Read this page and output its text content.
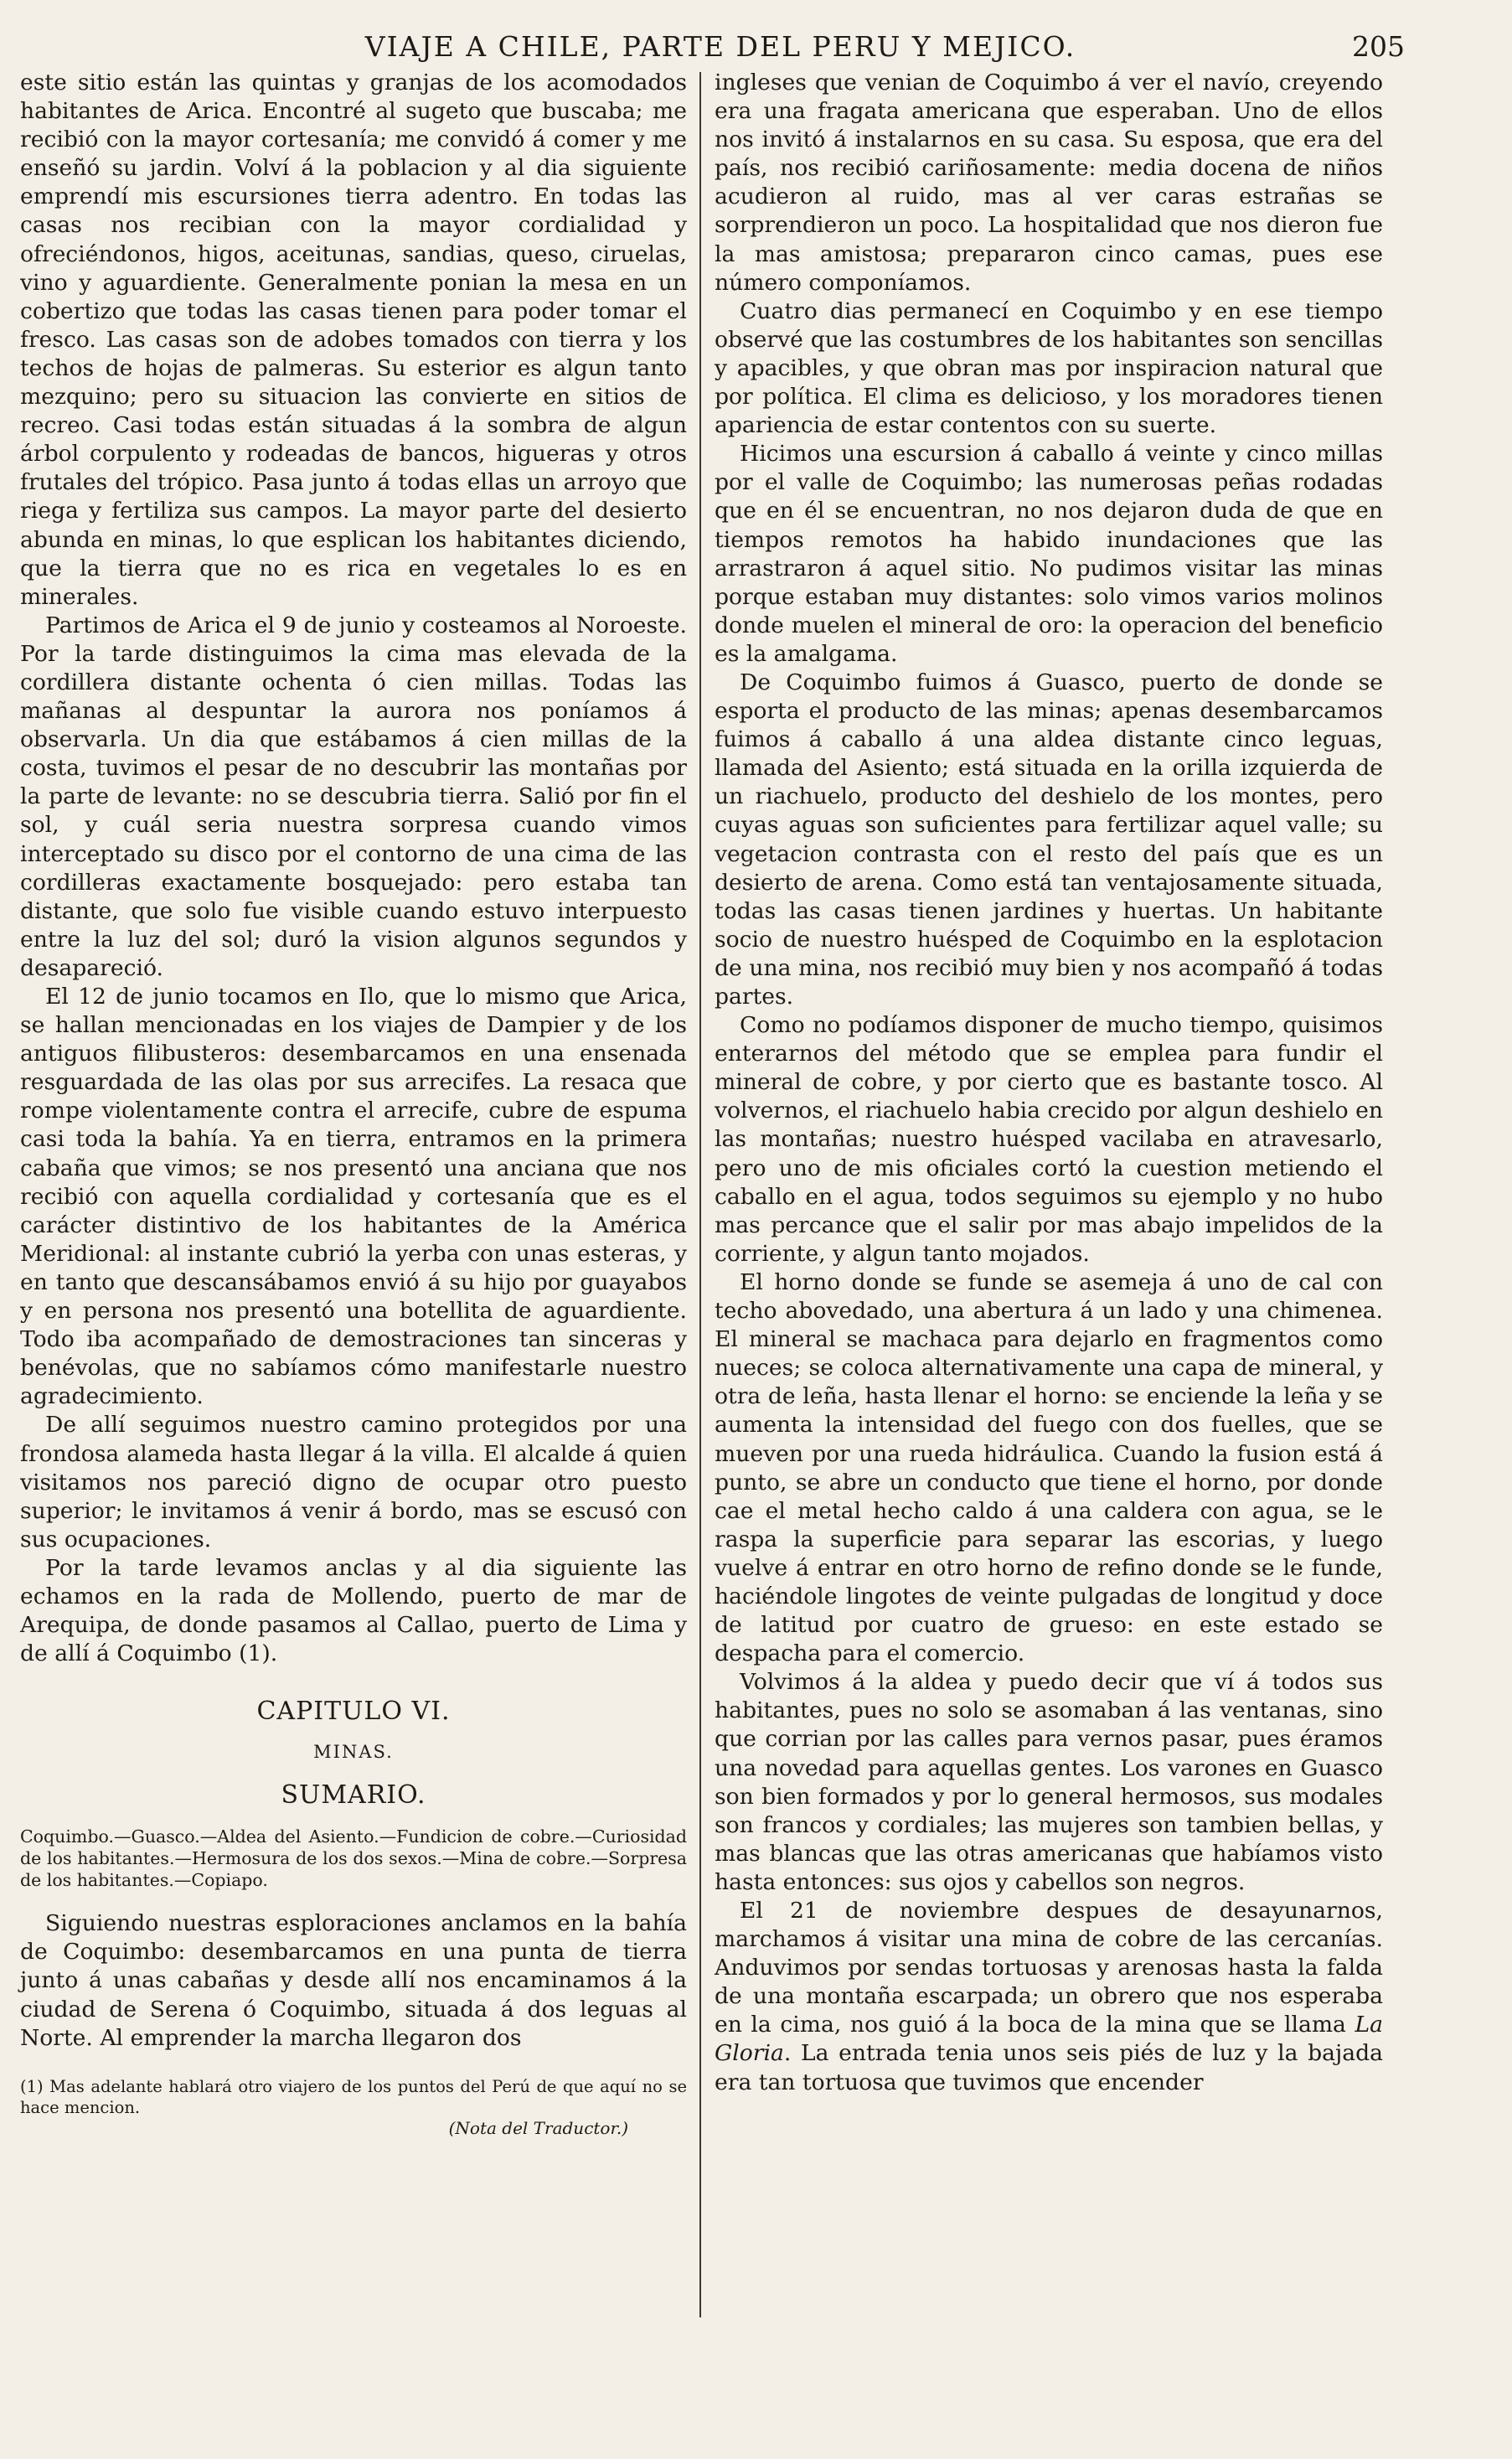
VIAJE A CHILE, PARTE DEL PERU Y MEJICO.	205

este sitio están las quintas y granjas de los acomodados habitantes de Arica. Encontré al sugeto que buscaba; me recibió con la mayor cortesanía; me convidó á comer y me enseñó su jardin. Volví á la poblacion y al dia siguiente emprendí mis escursiones tierra adentro. En todas las casas nos recibian con la mayor cordialidad y ofreciéndonos, higos, aceitunas, sandias, queso, ciruelas, vino y aguardiente. Generalmente ponian la mesa en un cobertizo que todas las casas tienen para poder tomar el fresco. Las casas son de adobes tomados con tierra y los techos de hojas de palmeras. Su esterior es algun tanto mezquino; pero su situacion las convierte en sitios de recreo. Casi todas están situadas á la sombra de algun árbol corpulento y rodeadas de bancos, higueras y otros frutales del trópico. Pasa junto á todas ellas un arroyo que riega y fertiliza sus campos. La mayor parte del desierto abunda en minas, lo que esplican los habitantes diciendo, que la tierra que no es rica en vegetales lo es en minerales.

Partimos de Arica el 9 de junio y costeamos al Noroeste. Por la tarde distinguimos la cima mas elevada de la cordillera distante ochenta ó cien millas. Todas las mañanas al despuntar la aurora nos poníamos á observarla. Un dia que estábamos á cien millas de la costa, tuvimos el pesar de no descubrir las montañas por la parte de levante: no se descubria tierra. Salió por fin el sol, y cuál seria nuestra sorpresa cuando vimos interceptado su disco por el contorno de una cima de las cordilleras exactamente bosquejado: pero estaba tan distante, que solo fue visible cuando estuvo interpuesto entre la luz del sol; duró la vision algunos segundos y desapareció.

El 12 de junio tocamos en Ilo, que lo mismo que Arica, se hallan mencionadas en los viajes de Dampier y de los antiguos filibusteros: desembarcamos en una ensenada resguardada de las olas por sus arrecifes. La resaca que rompe violentamente contra el arrecife, cubre de espuma casi toda la bahía. Ya en tierra, entramos en la primera cabaña que vimos; se nos presentó una anciana que nos recibió con aquella cordialidad y cortesanía que es el carácter distintivo de los habitantes de la América Meridional: al instante cubrió la yerba con unas esteras, y en tanto que descansábamos envió á su hijo por guayabos y en persona nos presentó una botellita de aguardiente. Todo iba acompañado de demostraciones tan sinceras y benévolas, que no sabíamos cómo manifestarle nuestro agradecimiento.

De allí seguimos nuestro camino protegidos por una frondosa alameda hasta llegar á la villa. El alcalde á quien visitamos nos pareció digno de ocupar otro puesto superior; le invitamos á venir á bordo, mas se escusó con sus ocupaciones.

Por la tarde levamos anclas y al dia siguiente las echamos en la rada de Mollendo, puerto de mar de Arequipa, de donde pasamos al Callao, puerto de Lima y de allí á Coquimbo (1).

CAPITULO VI.
MINAS.
SUMARIO.
Coquimbo.—Guasco.—Aldea del Asiento.—Fundicion de cobre.—Curiosidad de los habitantes.—Hermosura de los dos sexos.—Mina de cobre.—Sorpresa de los habitantes.—Copiapo.

Siguiendo nuestras esploraciones anclamos en la bahía de Coquimbo: desembarcamos en una punta de tierra junto á unas cabañas y desde allí nos encaminamos á la ciudad de Serena ó Coquimbo, situada á dos leguas al Norte. Al emprender la marcha llegaron dos

(1) Mas adelante hablará otro viajero de los puntos del Perú de que aquí no se hace mencion.
(Nota del Traductor.)

ingleses que venian de Coquimbo á ver el navío, creyendo era una fragata americana que esperaban. Uno de ellos nos invitó á instalarnos en su casa. Su esposa, que era del país, nos recibió cariñosamente: media docena de niños acudieron al ruido, mas al ver caras estrañas se sorprendieron un poco. La hospitalidad que nos dieron fue la mas amistosa; prepararon cinco camas, pues ese número componíamos.

Cuatro dias permanecí en Coquimbo y en ese tiempo observé que las costumbres de los habitantes son sencillas y apacibles, y que obran mas por inspiracion natural que por política. El clima es delicioso, y los moradores tienen apariencia de estar contentos con su suerte.

Hicimos una escursion á caballo á veinte y cinco millas por el valle de Coquimbo; las numerosas peñas rodadas que en él se encuentran, no nos dejaron duda de que en tiempos remotos ha habido inundaciones que las arrastraron á aquel sitio. No pudimos visitar las minas porque estaban muy distantes: solo vimos varios molinos donde muelen el mineral de oro: la operacion del beneficio es la amalgama.

De Coquimbo fuimos á Guasco, puerto de donde se esporta el producto de las minas; apenas desembarcamos fuimos á caballo á una aldea distante cinco leguas, llamada del Asiento; está situada en la orilla izquierda de un riachuelo, producto del deshielo de los montes, pero cuyas aguas son suficientes para fertilizar aquel valle; su vegetacion contrasta con el resto del país que es un desierto de arena. Como está tan ventajosamente situada, todas las casas tienen jardines y huertas. Un habitante socio de nuestro huésped de Coquimbo en la esplotacion de una mina, nos recibió muy bien y nos acompañó á todas partes.

Como no podíamos disponer de mucho tiempo, quisimos enterarnos del método que se emplea para fundir el mineral de cobre, y por cierto que es bastante tosco. Al volvernos, el riachuelo habia crecido por algun deshielo en las montañas; nuestro huésped vacilaba en atravesarlo, pero uno de mis oficiales cortó la cuestion metiendo el caballo en el agua, todos seguimos su ejemplo y no hubo mas percance que el salir por mas abajo impelidos de la corriente, y algun tanto mojados.

El horno donde se funde se asemeja á uno de cal con techo abovedado, una abertura á un lado y una chimenea. El mineral se machaca para dejarlo en fragmentos como nueces; se coloca alternativamente una capa de mineral, y otra de leña, hasta llenar el horno: se enciende la leña y se aumenta la intensidad del fuego con dos fuelles, que se mueven por una rueda hidráulica. Cuando la fusion está á punto, se abre un conducto que tiene el horno, por donde cae el metal hecho caldo á una caldera con agua, se le raspa la superficie para separar las escorias, y luego vuelve á entrar en otro horno de refino donde se le funde, haciéndole lingotes de veinte pulgadas de longitud y doce de latitud por cuatro de grueso: en este estado se despacha para el comercio.

Volvimos á la aldea y puedo decir que ví á todos sus habitantes, pues no solo se asomaban á las ventanas, sino que corrian por las calles para vernos pasar, pues éramos una novedad para aquellas gentes. Los varones en Guasco son bien formados y por lo general hermosos, sus modales son francos y cordiales; las mujeres son tambien bellas, y mas blancas que las otras americanas que habíamos visto hasta entonces: sus ojos y cabellos son negros.

El 21 de noviembre despues de desayunarnos, marchamos á visitar una mina de cobre de las cercanías. Anduvimos por sendas tortuosas y arenosas hasta la falda de una montaña escarpada; un obrero que nos esperaba en la cima, nos guió á la boca de la mina que se llama La Gloria. La entrada tenia unos seis piés de luz y la bajada era tan tortuosa que tuvimos que encender
